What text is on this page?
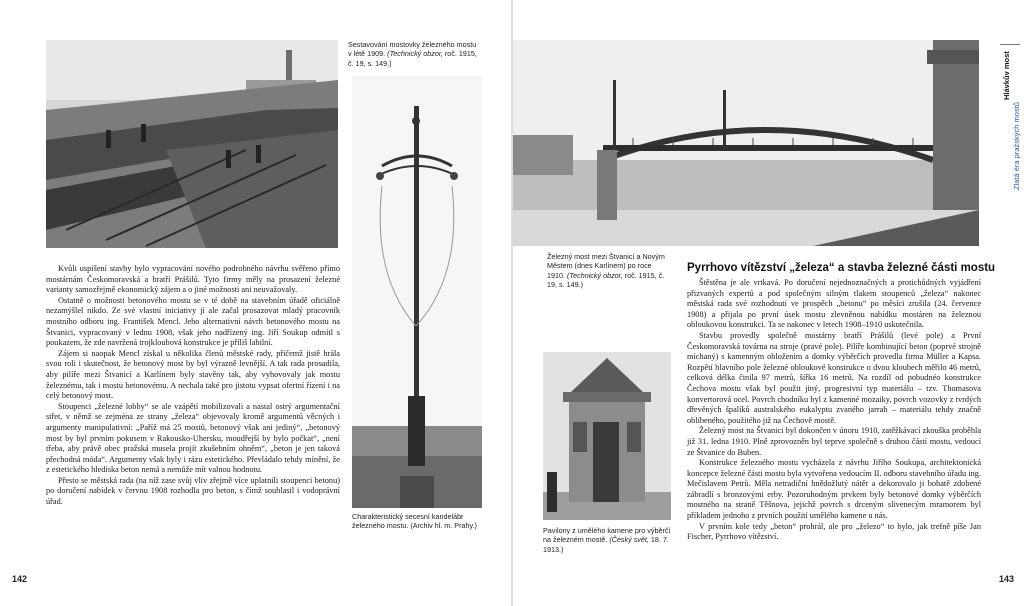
Sestavování mostovky železného mostu v létě 1909. (Technický obzor, roč. 1915, č. 19, s. 149.)
Charakteristický secesní kandelábr železného mostu. (Archiv hl. m. Prahy.)

Kvůli uspíšení stavby bylo vypracování nového podrobného návrhu svěřeno přímo mostárnám Českomoravská a bratří Prášilů. Tyto firmy měly na prosazení železné varianty samozřejmě ekonomický zájem a o jiné možnosti ani neuvažovaly.

Ostatně o možnosti betonového mostu se v té době na stavebním úřadě oficiálně nezamýšlel nikdo. Ze své vlastní iniciativy jí ale začal prosazovat mladý pracovník mostního odboru ing. František Mencl. Jeho alternativní návrh betonového mostu na Štvanici, vypracovaný v lednu 1908, však jeho nadřízený ing. Jiří Soukup odmítl s poukazem, že zde navržená trojkloubová konstrukce je příliš labilní.

Zájem si naopak Mencl získal u několika členů městské rady, přičemž jistě hrála svou roli i skutečnost, že betonový most by byl výrazně levnější. A tak rada prosadila, aby pilíře mezi Štvanicí a Karlínem byly stavěny tak, aby vyhovovaly jak mostu železnému, tak i mostu betonovému. A nechala také pro jistotu vypsat ofertní řízení i na celý betonový most.

Stoupenci „železné lobby“ se ale vzápětí mobilizovali a nastal ostrý argumentační střet, v němž se zejména ze strany „železa“ objevovaly kromě argumentů věcných i argumenty manipulativní: „Paříž má 25 mostů, betonový však ani jediný“, „betonový most by byl prvním pokusem v Rakousko-Uhersku, moudřejší by bylo počkat“, „není třeba, aby právě obec pražská musela projít zkušebním ohněm“, „beton je jen taková přechodná móda“. Argumenty však byly i rázu estetického. Převládalo tehdy mínění, že z estetického hlediska beton nemá a nemůže mít valnou hodnotu.

Přesto se městská rada (na níž zase svůj vliv zřejmě více uplatnili stoupenci betonu) po doručení nabídek v červnu 1908 rozhodla pro beton, s čímž souhlasil i vodoprávní úřad.

142
Hlávkův most
Zlatá éra pražských mostů
Železný most mezi Štvanicí a Novým Městem (dnes Karlínem) po roce 1910. (Technický obzor, roč. 1915, č. 19, s. 149.)
Pavilony z umělého kamene pro výběrčí na železném mostě. (Český svět, 18. 7. 1913.)
Pyrrhovo vítězství „železa“ a stavba železné části mostu

Štěstěna je ale vrtkavá. Po doručení nejednoznačných a protichůdných vyjádření přizvaných expertů a pod společným silným tlakem stoupenců „železa“ nakonec městská rada své rozhodnutí ve prospěch „betonu“ po měsíci zrušila (24. července 1908) a přijala po první úsek mostu zlevněnou nabídku mostáren na železnou obloukovou konstrukci. Ta se nakonec v letech 1908–1910 uskutečnila.

Stavbu provedly společně mostárny bratří Prášilů (levé pole) a První Českomoravská továrna na stroje (pravé pole). Pilíře kombinující beton (poprvé strojně míchaný) s kamenným obložením a domky výběrčích provedla firma Müller a Kapsa. Rozpětí hlavního pole železné obloukové konstrukce o dvou kloubech měřilo 46 metrů, celková délka činila 97 metrů, šířka 16 metrů. Na rozdíl od pobudnéo konstrukce Čechova mostu však byl použit jiný, progresivní typ materiálu – tzv. Thomasova konvertorová ocel. Povrch chodníku byl z kamenné mozaiky, povrch vozovky z tvrdých dřevěných špalíků australského eukalyptu zvaného jarrah – materiálu tehdy značně oblíbeného, použitého již na Čechově mostě.

Železný most na Štvanici byl dokončen v únoru 1910, zatěžkávací zkouška proběhla již 31. ledna 1910. Plně zprovozněn byl teprve společně s druhou částí mostu, vedoucí ze Štvanice do Buben.

Konstrukce železného mostu vycházela z návrhu Jiřího Soukupa, architektonická koncepce železné části mostu byla vytvořena vedoucím II. odboru stavebního úřadu ing. Mečislavem Petrů. Měla netradiční hnědožlutý nátěr a dekorovalo ji bohatě zdobené zábradlí s bronzovými erby. Pozoruhodným prvkem byly betonové domky výběrčích mostného na straně Těšnova, jejichž povrch s drceným slivenecým mramorem byl příkladem jednoho z prvních použití umělého kamene u nás.

V prvním kole tedy „beton“ prohrál, ale pro „železo“ to bylo, jak trefně píše Jan Fischer, Pyrrhovo vítězství.

143
